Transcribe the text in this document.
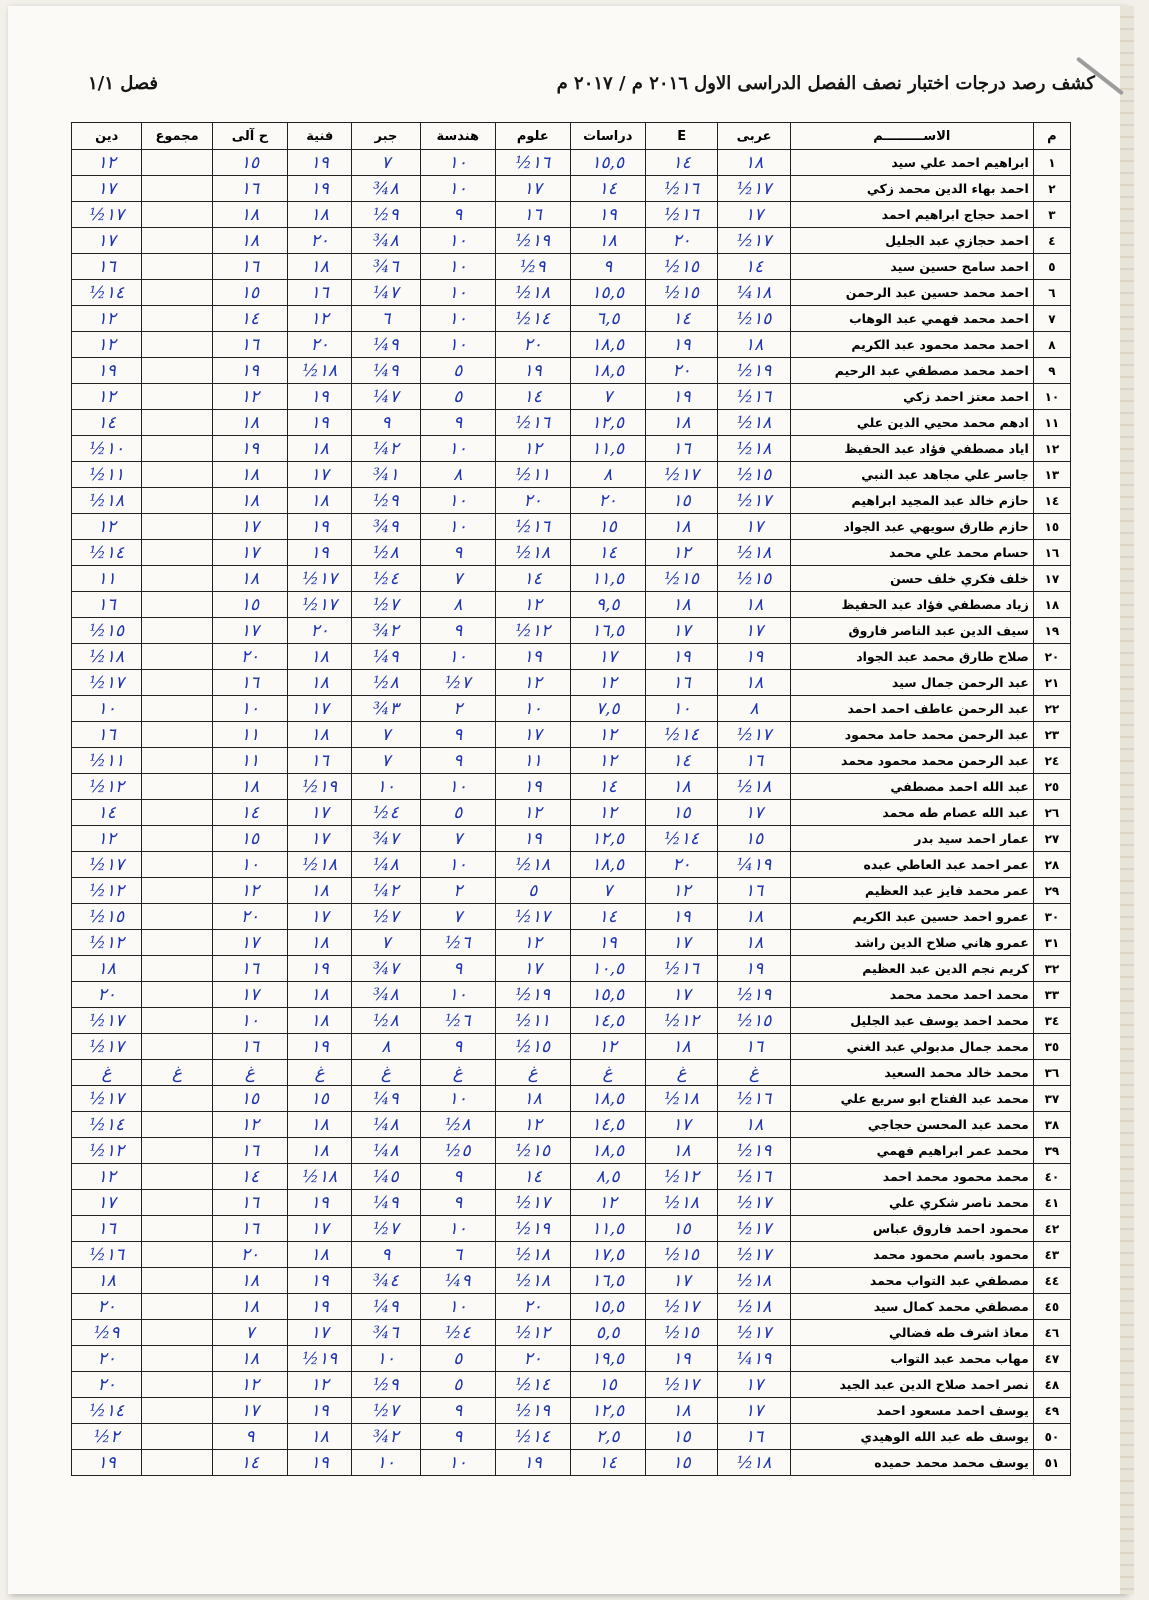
كشف رصد درجات اختبار نصف الفصل الدراسى الاول ٢٠١٦ م / ٢٠١٧ م
فصل ١/١
م	الاســـــــــم	عربى	E	دراسات	علوم	هندسة	جبر	فنية	ح آلى	مجموع	دين
١	ابراهيم احمد علي سيد	١٨	١٤	١٥,٥	١٦½	١٠	٧	١٩	١٥		١٢
٢	احمد بهاء الدين محمد زكي	١٧½	١٦½	١٤	١٧	١٠	٨¾	١٩	١٦		١٧
٣	احمد حجاج ابراهيم احمد	١٧	١٦½	١٩	١٦	٩	٩½	١٨	١٨		١٧½
٤	احمد حجازي عبد الجليل	١٧½	٢٠	١٨	١٩½	١٠	٨¾	٢٠	١٨		١٧
٥	احمد سامح حسين سيد	١٤	١٥½	٩	٩½	١٠	٦¾	١٨	١٦		١٦
٦	احمد محمد حسين عبد الرحمن	١٨¼	١٥½	١٥,٥	١٨½	١٠	٧¼	١٦	١٥		١٤½
٧	احمد محمد فهمي عبد الوهاب	١٥½	١٤	٦,٥	١٤½	١٠	٦	١٢	١٤		١٢
٨	احمد محمد محمود عبد الكريم	١٨	١٩	١٨,٥	٢٠	١٠	٩¼	٢٠	١٦		١٢
٩	احمد محمد مصطفي عبد الرحيم	١٩½	٢٠	١٨,٥	١٩	٥	٩¼	١٨½	١٩		١٩
١٠	احمد معتز احمد زكي	١٦½	١٩	٧	١٤	٥	٧¼	١٩	١٢		١٢
١١	ادهم محمد محيي الدين علي	١٨½	١٨	١٢,٥	١٦½	٩	٩	١٩	١٨		١٤
١٢	اياد مصطفي فؤاد عبد الحفيظ	١٨½	١٦	١١,٥	١٢	١٠	٢¼	١٨	١٩		١٠½
١٣	جاسر علي مجاهد عبد النبي	١٥½	١٧½	٨	١١½	٨	١¾	١٧	١٨		١١½
١٤	حازم خالد عبد المجيد ابراهيم	١٧½	١٥	٢٠	٢٠	١٠	٩½	١٨	١٨		١٨½
١٥	حازم طارق سويهي عبد الجواد	١٧	١٨	١٥	١٦½	١٠	٩¾	١٩	١٧		١٢
١٦	حسام محمد علي محمد	١٨½	١٢	١٤	١٨½	٩	٨½	١٩	١٧		١٤½
١٧	خلف فكري خلف حسن	١٥½	١٥½	١١,٥	١٤	٧	٤½	١٧½	١٨		١١
١٨	زياد مصطفي فؤاد عبد الحفيظ	١٨	١٨	٩,٥	١٢	٨	٧½	١٧½	١٥		١٦
١٩	سيف الدين عبد الناصر فاروق	١٧	١٧	١٦,٥	١٢½	٩	٢¾	٢٠	١٧		١٥½
٢٠	صلاح طارق محمد عبد الجواد	١٩	١٩	١٧	١٩	١٠	٩¼	١٨	٢٠		١٨½
٢١	عبد الرحمن جمال سيد	١٨	١٦	١٢	١٢	٧½	٨½	١٨	١٦		١٧½
٢٢	عبد الرحمن عاطف احمد احمد	٨	١٠	٧,٥	١٠	٢	٣¾	١٧	١٠		١٠
٢٣	عبد الرحمن محمد حامد محمود	١٧½	١٤½	١٢	١٧	٩	٧	١٨	١١		١٦
٢٤	عبد الرحمن محمد محمود محمد	١٦	١٤	١٢	١١	٩	٧	١٦	١١		١١½
٢٥	عبد الله احمد مصطفي	١٨½	١٨	١٤	١٩	١٠	١٠	١٩½	١٨		١٢½
٢٦	عبد الله عصام طه محمد	١٧	١٥	١٢	١٢	٥	٤½	١٧	١٤		١٤
٢٧	عمار احمد سيد بدر	١٥	١٤½	١٢,٥	١٩	٧	٧¾	١٧	١٥		١٢
٢٨	عمر احمد عبد العاطي عبده	١٩¼	٢٠	١٨,٥	١٨½	١٠	٨¼	١٨½	١٠		١٧½
٢٩	عمر محمد فايز عبد العظيم	١٦	١٢	٧	٥	٢	٢¼	١٨	١٢		١٢½
٣٠	عمرو احمد حسين عبد الكريم	١٨	١٩	١٤	١٧½	٧	٧½	١٧	٢٠		١٥½
٣١	عمرو هاني صلاح الدين راشد	١٨	١٧	١٩	١٢	٦½	٧	١٨	١٧		١٢½
٣٢	كريم نجم الدين عبد العظيم	١٩	١٦½	١٠,٥	١٧	٩	٧¾	١٩	١٦		١٨
٣٣	محمد احمد محمد محمد	١٩½	١٧	١٥,٥	١٩½	١٠	٨¾	١٨	١٧		٢٠
٣٤	محمد احمد يوسف عبد الجليل	١٥½	١٢½	١٤,٥	١١½	٦½	٨½	١٨	١٠		١٧½
٣٥	محمد جمال مدبولي عبد الغني	١٦	١٨	١٢	١٥½	٩	٨	١٩	١٦		١٧½
٣٦	محمد خالد محمد السعيد	غ	غ	غ	غ	غ	غ	غ	غ	غ	غ
٣٧	محمد عبد الفتاح ابو سريع علي	١٦½	١٨½	١٨,٥	١٨	١٠	٩¼	١٥	١٥		١٧½
٣٨	محمد عبد المحسن حجاجي	١٨	١٧	١٤,٥	١٢	٨½	٨¼	١٨	١٢		١٤½
٣٩	محمد عمر ابراهيم فهمي	١٩½	١٨	١٨,٥	١٥½	٥½	٨¼	١٨	١٦		١٢½
٤٠	محمد محمود محمد احمد	١٦½	١٢½	٨,٥	١٤	٩	٥¼	١٨½	١٤		١٢
٤١	محمد ناصر شكري علي	١٧½	١٨½	١٢	١٧½	٩	٩¼	١٩	١٦		١٧
٤٢	محمود احمد فاروق عباس	١٧½	١٥	١١,٥	١٩½	١٠	٧½	١٧	١٦		١٦
٤٣	محمود باسم محمود محمد	١٧½	١٥½	١٧,٥	١٨½	٦	٩	١٨	٢٠		١٦½
٤٤	مصطفي عبد التواب محمد	١٨½	١٧	١٦,٥	١٨½	٩¼	٤¾	١٩	١٨		١٨
٤٥	مصطفي محمد كمال سيد	١٨½	١٧½	١٥,٥	٢٠	١٠	٩¼	١٩	١٨		٢٠
٤٦	معاذ اشرف طه فضالي	١٧½	١٥½	٥,٥	١٢½	٤½	٦¾	١٧	٧		٩½
٤٧	مهاب محمد عبد التواب	١٩¼	١٩	١٩,٥	٢٠	٥	١٠	١٩½	١٨		٢٠
٤٨	نصر احمد صلاح الدين عبد الجيد	١٧	١٧½	١٥	١٤½	٥	٩½	١٢	١٢		٢٠
٤٩	يوسف احمد مسعود احمد	١٧	١٨	١٢,٥	١٩½	٩	٧½	١٩	١٧		١٤½
٥٠	يوسف طه عبد الله الوهيدي	١٦	١٥	٢,٥	١٤½	٩	٢¾	١٨	٩		٢½
٥١	يوسف محمد محمد حميده	١٨½	١٥	١٤	١٩	١٠	١٠	١٩	١٤		١٩
